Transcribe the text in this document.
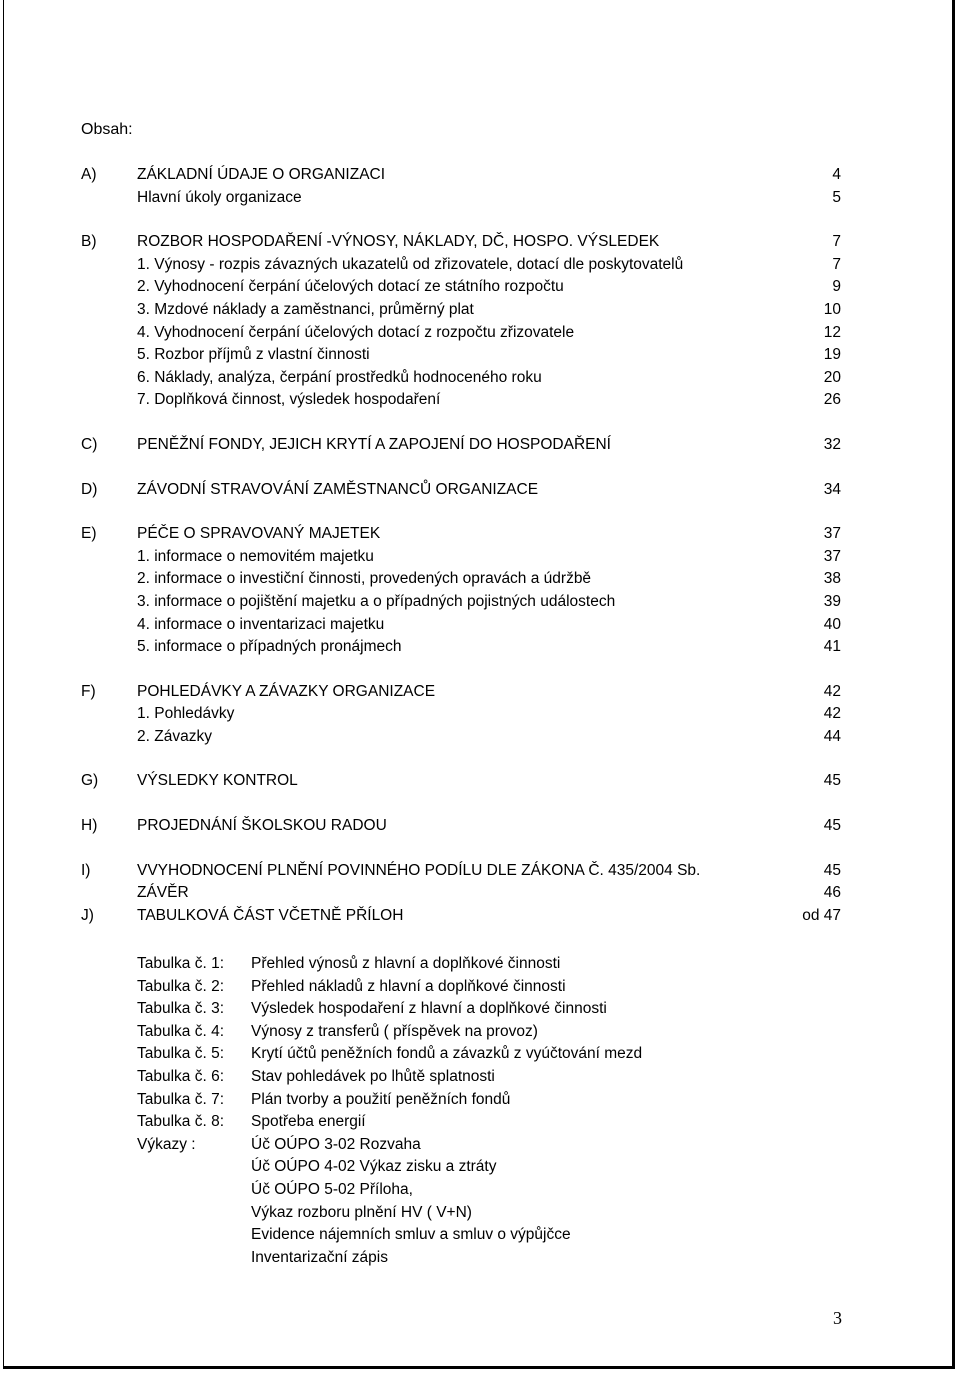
Obsah:
A)	ZÁKLADNÍ ÚDAJE O ORGANIZACI	4
Hlavní úkoly organizace	5
B)	ROZBOR HOSPODAŘENÍ -VÝNOSY, NÁKLADY, DČ, HOSPO. VÝSLEDEK	7
1. Výnosy - rozpis závazných ukazatelů od zřizovatele, dotací dle poskytovatelů	7
2. Vyhodnocení čerpání účelových dotací ze státního rozpočtu	9
3. Mzdové náklady a zaměstnanci, průměrný plat	10
4. Vyhodnocení čerpání účelových dotací z rozpočtu zřizovatele	12
5. Rozbor příjmů z vlastní činnosti	19
6. Náklady, analýza, čerpání prostředků hodnoceného roku	20
7. Doplňková činnost, výsledek hospodaření	26
C)	PENĚŽNÍ FONDY, JEJICH KRYTÍ A ZAPOJENÍ DO HOSPODAŘENÍ	32
D)	ZÁVODNÍ STRAVOVÁNÍ ZAMĚSTNANCŮ ORGANIZACE	34
E)	PÉČE O SPRAVOVANÝ MAJETEK	37
1. informace o nemovitém majetku	37
2. informace o investiční činnosti, provedených opravách a údržbě	38
3. informace o pojištění majetku a o případných pojistných událostech	39
4. informace o inventarizaci majetku	40
5. informace o případných pronájmech	41
F)	POHLEDÁVKY A ZÁVAZKY ORGANIZACE	42
1. Pohledávky	42
2. Závazky	44
G)	VÝSLEDKY KONTROL	45
H)	PROJEDNÁNÍ ŠKOLSKOU RADOU	45
I)	VVYHODNOCENÍ PLNĚNÍ POVINNÉHO PODÍLU DLE ZÁKONA Č. 435/2004 Sb.	45
ZÁVĚR	46
J)	TABULKOVÁ ČÁST VČETNĚ PŘÍLOH	od 47
Tabulka č. 1: Přehled výnosů z hlavní a doplňkové činnosti
Tabulka č. 2: Přehled nákladů z hlavní a doplňkové činnosti
Tabulka č. 3: Výsledek hospodaření z hlavní a doplňkové činnosti
Tabulka č. 4: Výnosy z transferů ( příspěvek na provoz)
Tabulka č. 5: Krytí účtů peněžních fondů a závazků z vyúčtování mezd
Tabulka č. 6: Stav pohledávek po lhůtě splatnosti
Tabulka č. 7: Plán tvorby a použití peněžních fondů
Tabulka č. 8: Spotřeba energií
Výkazy :	Úč OÚPO 3-02 Rozvaha
Úč OÚPO 4-02 Výkaz zisku a ztráty
Úč OÚPO 5-02 Příloha,
Výkaz rozboru plnění HV ( V+N)
Evidence nájemních smluv a smluv o výpůjčce
Inventarizační zápis
3
